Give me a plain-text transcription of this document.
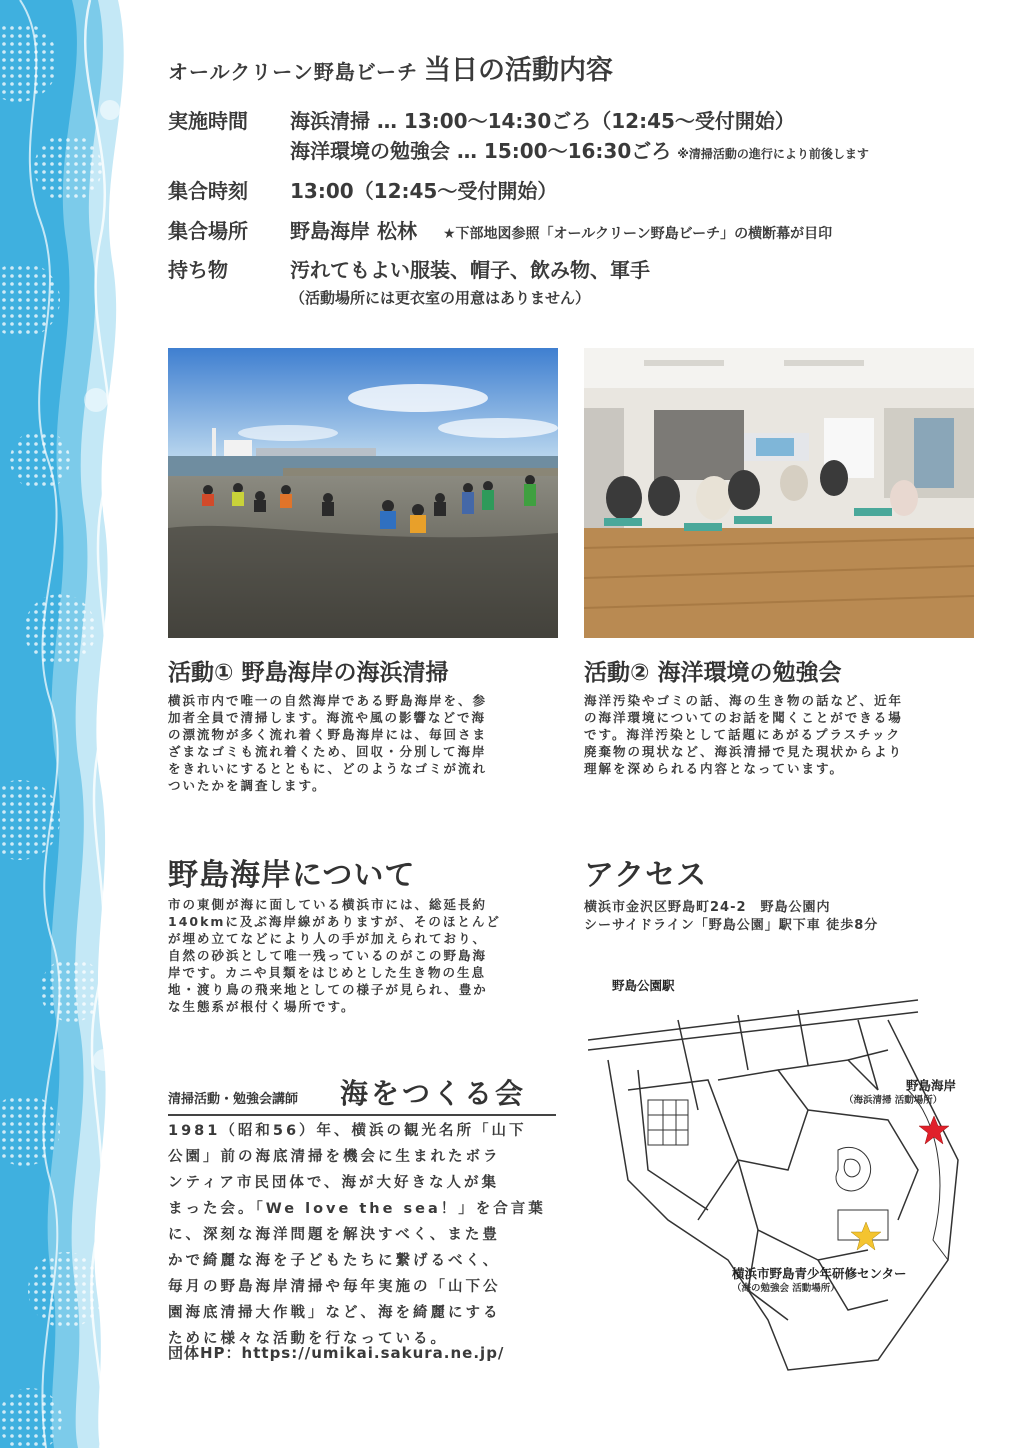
オールクリーン野島ビーチ 当日の活動内容
実施時間 海浜清掃 … 13:00〜14:30ごろ（12:45〜受付開始）
海洋環境の勉強会 … 15:00〜16:30ごろ ※清掃活動の進行により前後します
集合時刻 13:00（12:45〜受付開始）
集合場所 野島海岸 松林 ★下部地図参照「オールクリーン野島ビーチ」の横断幕が目印
持ち物	汚れてもよい服装、帽子、飲み物、軍手
（活動場所には更衣室の用意はありません）
活動① 野島海岸の海浜清掃
横浜市内で唯一の自然海岸である野島海岸を、参
加者全員で清掃します。海流や風の影響などで海
の漂流物が多く流れ着く野島海岸には、毎回さま
ざまなゴミも流れ着くため、回収・分別して海岸
をきれいにするとともに、どのようなゴミが流れ
ついたかを調査します。
活動② 海洋環境の勉強会
海洋汚染やゴミの話、海の生き物の話など、近年
の海洋環境についてのお話を聞くことができる場
です。海洋汚染として話題にあがるプラスチック
廃棄物の現状など、海浜清掃で見た現状からより
理解を深められる内容となっています。
野島海岸について
市の東側が海に面している横浜市には、総延長約
140kmに及ぶ海岸線がありますが、そのほとんど
が埋め立てなどにより人の手が加えられており、
自然の砂浜として唯一残っているのがこの野島海
岸です。カニや貝類をはじめとした生き物の生息
地・渡り鳥の飛来地としての様子が見られ、豊か
な生態系が根付く場所です。
清掃活動・勉強会講師 海をつくる会
1981（昭和56）年、横浜の観光名所「山下
公園」前の海底清掃を機会に生まれたボラ
ンティア市民団体で、海が大好きな人が集
まった会。「We love the sea！」を合言葉
に、深刻な海洋問題を解決すべく、また豊
かで綺麗な海を子どもたちに繋げるべく、
毎月の野島海岸清掃や毎年実施の「山下公
園海底清掃大作戦」など、海を綺麗にする
ために様々な活動を行なっている。
団体HP：https://umikai.sakura.ne.jp/
アクセス
横浜市金沢区野島町24-2　野島公園内
シーサイドライン「野島公園」駅下車 徒歩8分
野島公園駅
野島海岸
（海浜清掃 活動場所）
横浜市野島青少年研修センター
（海の勉強会 活動場所）
